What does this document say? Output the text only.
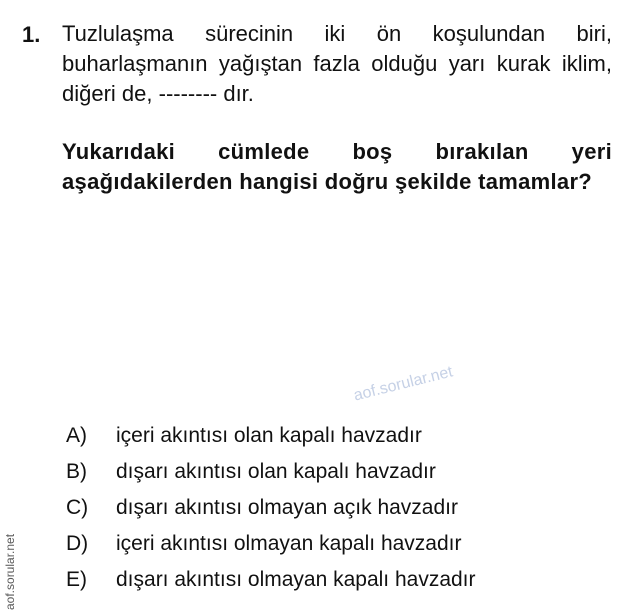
1. Tuzlulaşma sürecinin iki ön koşulundan biri, buharlaşmanın yağıştan fazla olduğu yarı kurak iklim, diğeri de, -------- dır.
Yukarıdaki cümlede boş bırakılan yeri aşağıdakilerden hangisi doğru şekilde tamamlar?
aof.sorular.net
A)	içeri akıntısı olan kapalı havzadır
B)	dışarı akıntısı olan kapalı havzadır
C)	dışarı akıntısı olmayan açık havzadır
D)	içeri akıntısı olmayan kapalı havzadır
E)	dışarı akıntısı olmayan kapalı havzadır
aof.sorular.net
